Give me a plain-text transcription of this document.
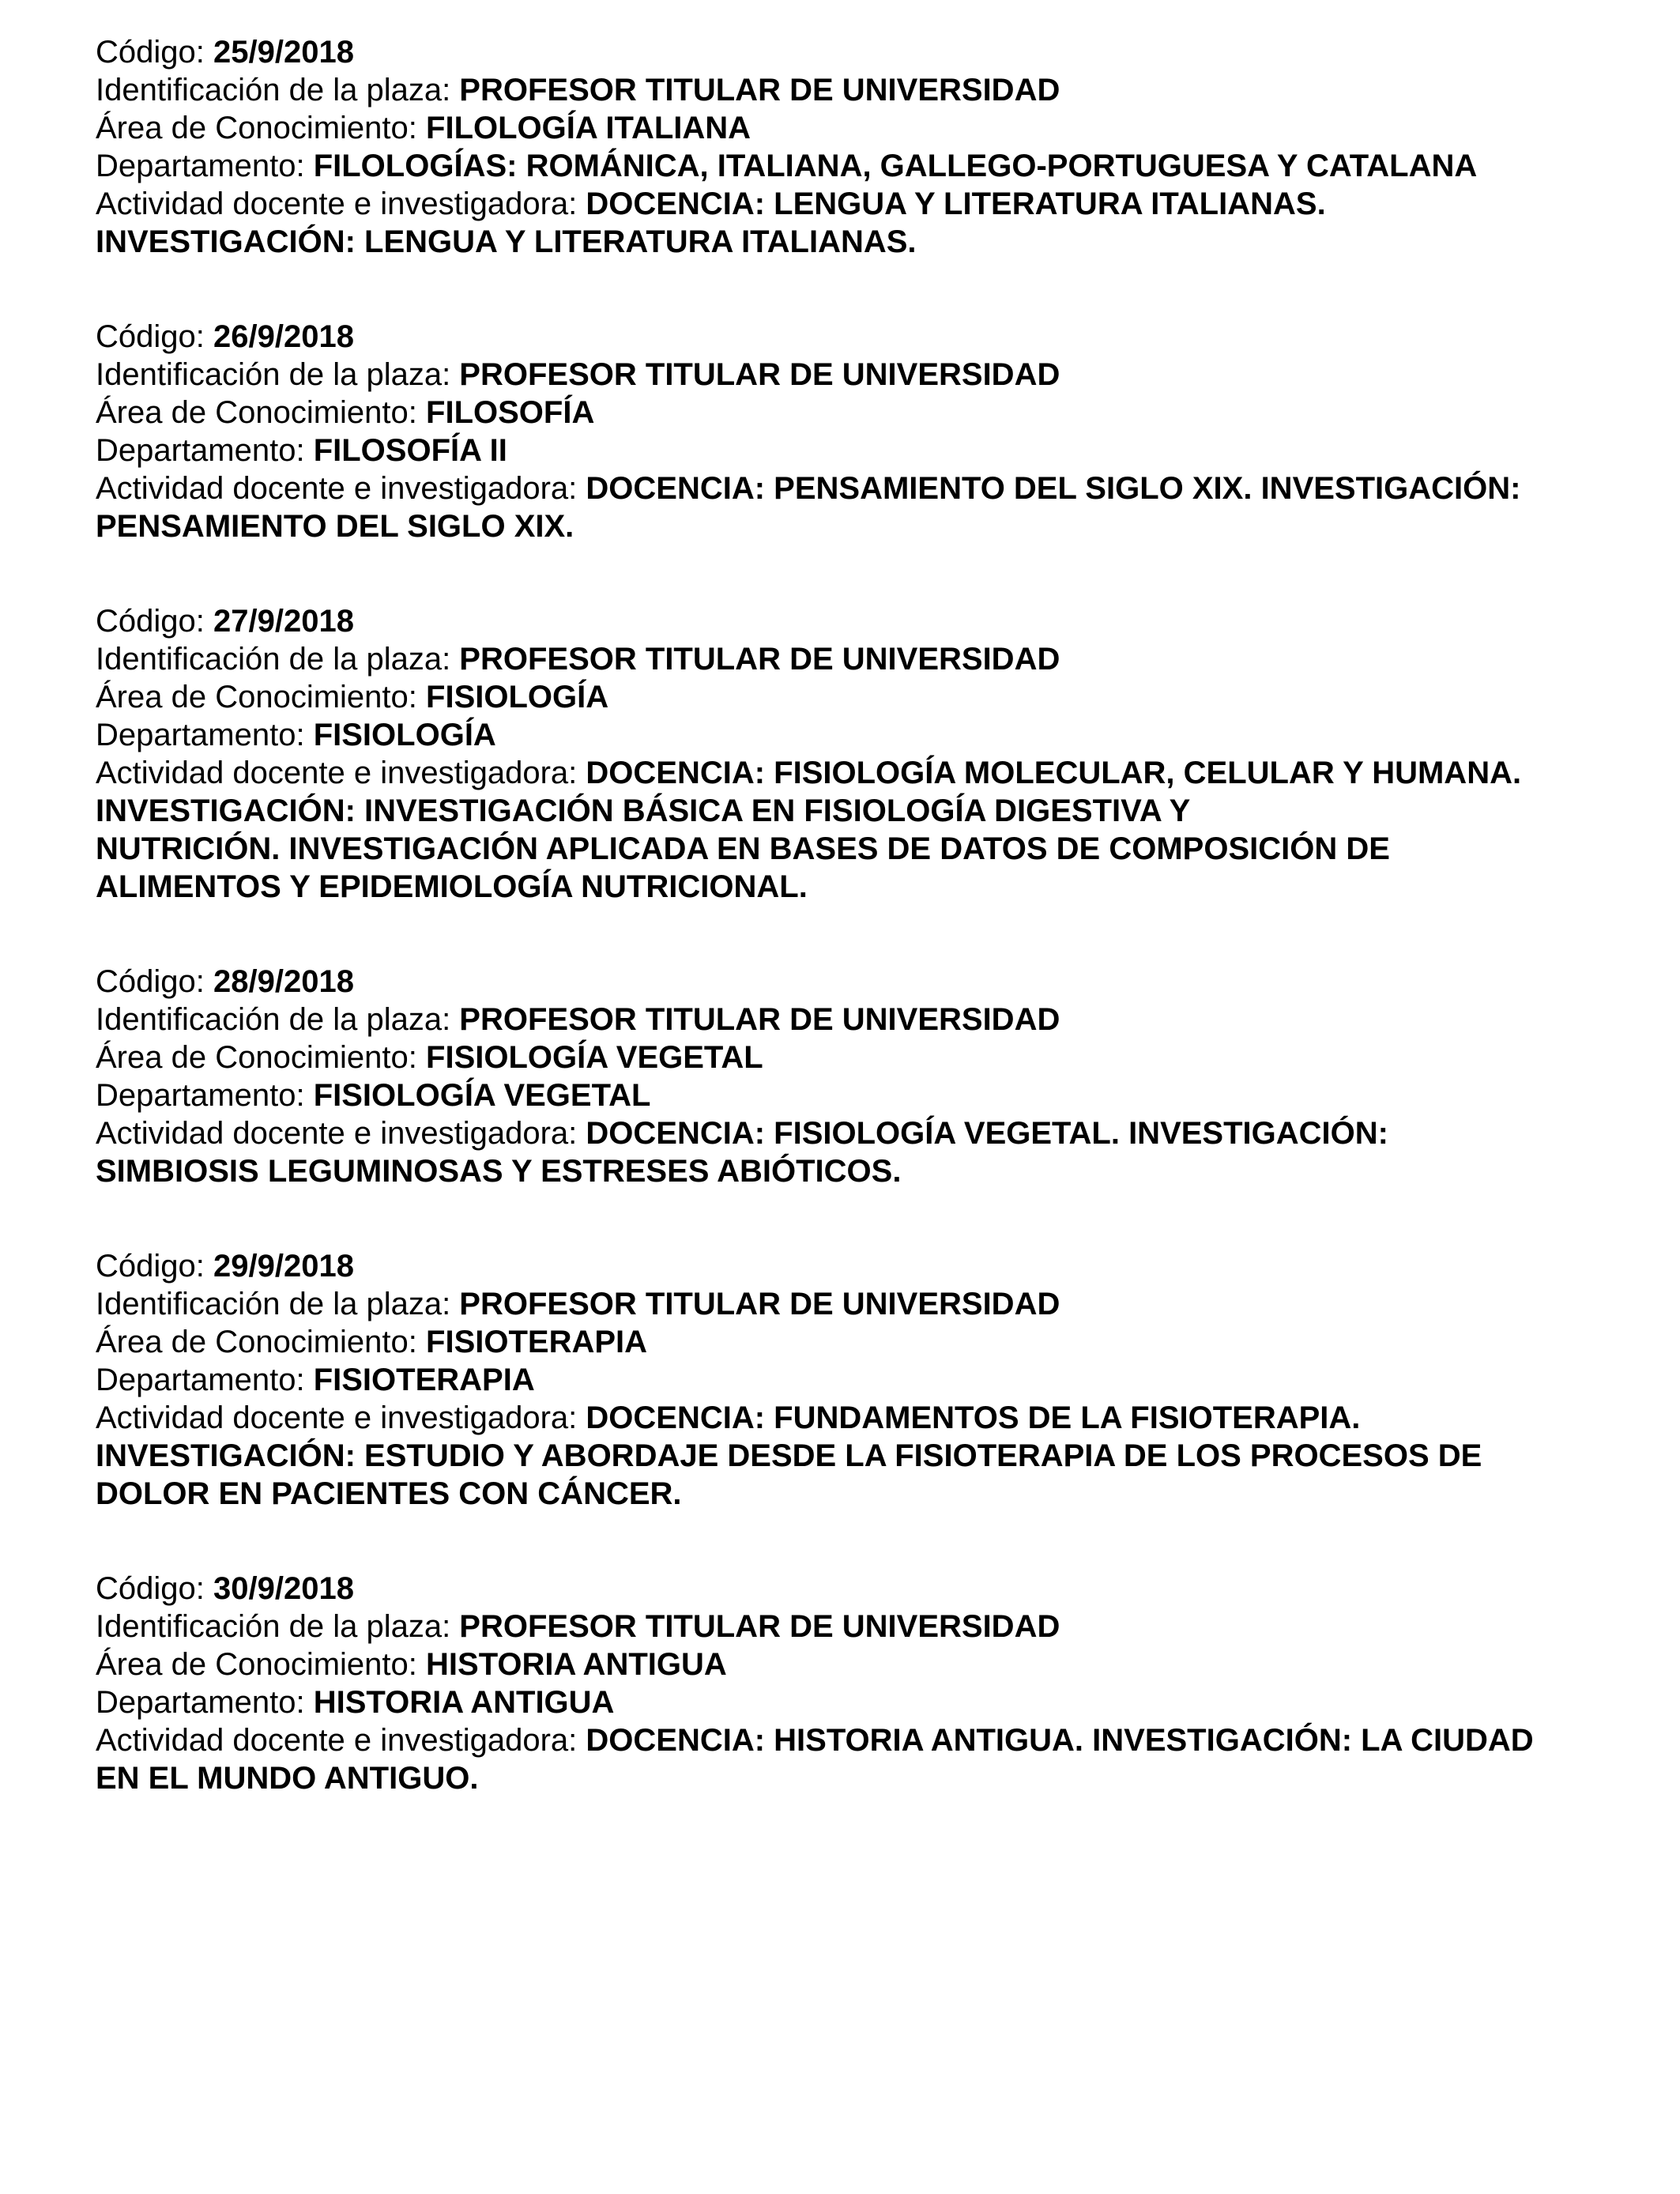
Código: 25/9/2018

Identificación de la plaza: PROFESOR TITULAR DE UNIVERSIDAD

Área de Conocimiento: FILOLOGÍA ITALIANA

Departamento: FILOLOGÍAS: ROMÁNICA, ITALIANA, GALLEGO-PORTUGUESA Y CATALANA

Actividad docente e investigadora: DOCENCIA: LENGUA Y LITERATURA ITALIANAS.

INVESTIGACIÓN: LENGUA Y LITERATURA ITALIANAS.

Código: 26/9/2018

Identificación de la plaza: PROFESOR TITULAR DE UNIVERSIDAD

Área de Conocimiento: FILOSOFÍA

Departamento: FILOSOFÍA II

Actividad docente e investigadora: DOCENCIA: PENSAMIENTO DEL SIGLO XIX. INVESTIGACIÓN:

PENSAMIENTO DEL SIGLO XIX.

Código: 27/9/2018

Identificación de la plaza: PROFESOR TITULAR DE UNIVERSIDAD

Área de Conocimiento: FISIOLOGÍA

Departamento: FISIOLOGÍA

Actividad docente e investigadora: DOCENCIA: FISIOLOGÍA MOLECULAR, CELULAR Y HUMANA.

INVESTIGACIÓN: INVESTIGACIÓN BÁSICA EN FISIOLOGÍA DIGESTIVA Y

NUTRICIÓN. INVESTIGACIÓN APLICADA EN BASES DE DATOS DE COMPOSICIÓN DE

ALIMENTOS Y EPIDEMIOLOGÍA NUTRICIONAL.

Código: 28/9/2018

Identificación de la plaza: PROFESOR TITULAR DE UNIVERSIDAD

Área de Conocimiento: FISIOLOGÍA VEGETAL

Departamento: FISIOLOGÍA VEGETAL

Actividad docente e investigadora: DOCENCIA: FISIOLOGÍA VEGETAL. INVESTIGACIÓN:

SIMBIOSIS LEGUMINOSAS Y ESTRESES ABIÓTICOS.

Código: 29/9/2018

Identificación de la plaza: PROFESOR TITULAR DE UNIVERSIDAD

Área de Conocimiento: FISIOTERAPIA

Departamento: FISIOTERAPIA

Actividad docente e investigadora: DOCENCIA: FUNDAMENTOS DE LA FISIOTERAPIA.

INVESTIGACIÓN: ESTUDIO Y ABORDAJE DESDE LA FISIOTERAPIA DE LOS PROCESOS DE

DOLOR EN PACIENTES CON CÁNCER.

Código: 30/9/2018

Identificación de la plaza: PROFESOR TITULAR DE UNIVERSIDAD

Área de Conocimiento: HISTORIA ANTIGUA

Departamento: HISTORIA ANTIGUA

Actividad docente e investigadora: DOCENCIA: HISTORIA ANTIGUA. INVESTIGACIÓN: LA CIUDAD

EN EL MUNDO ANTIGUO.
